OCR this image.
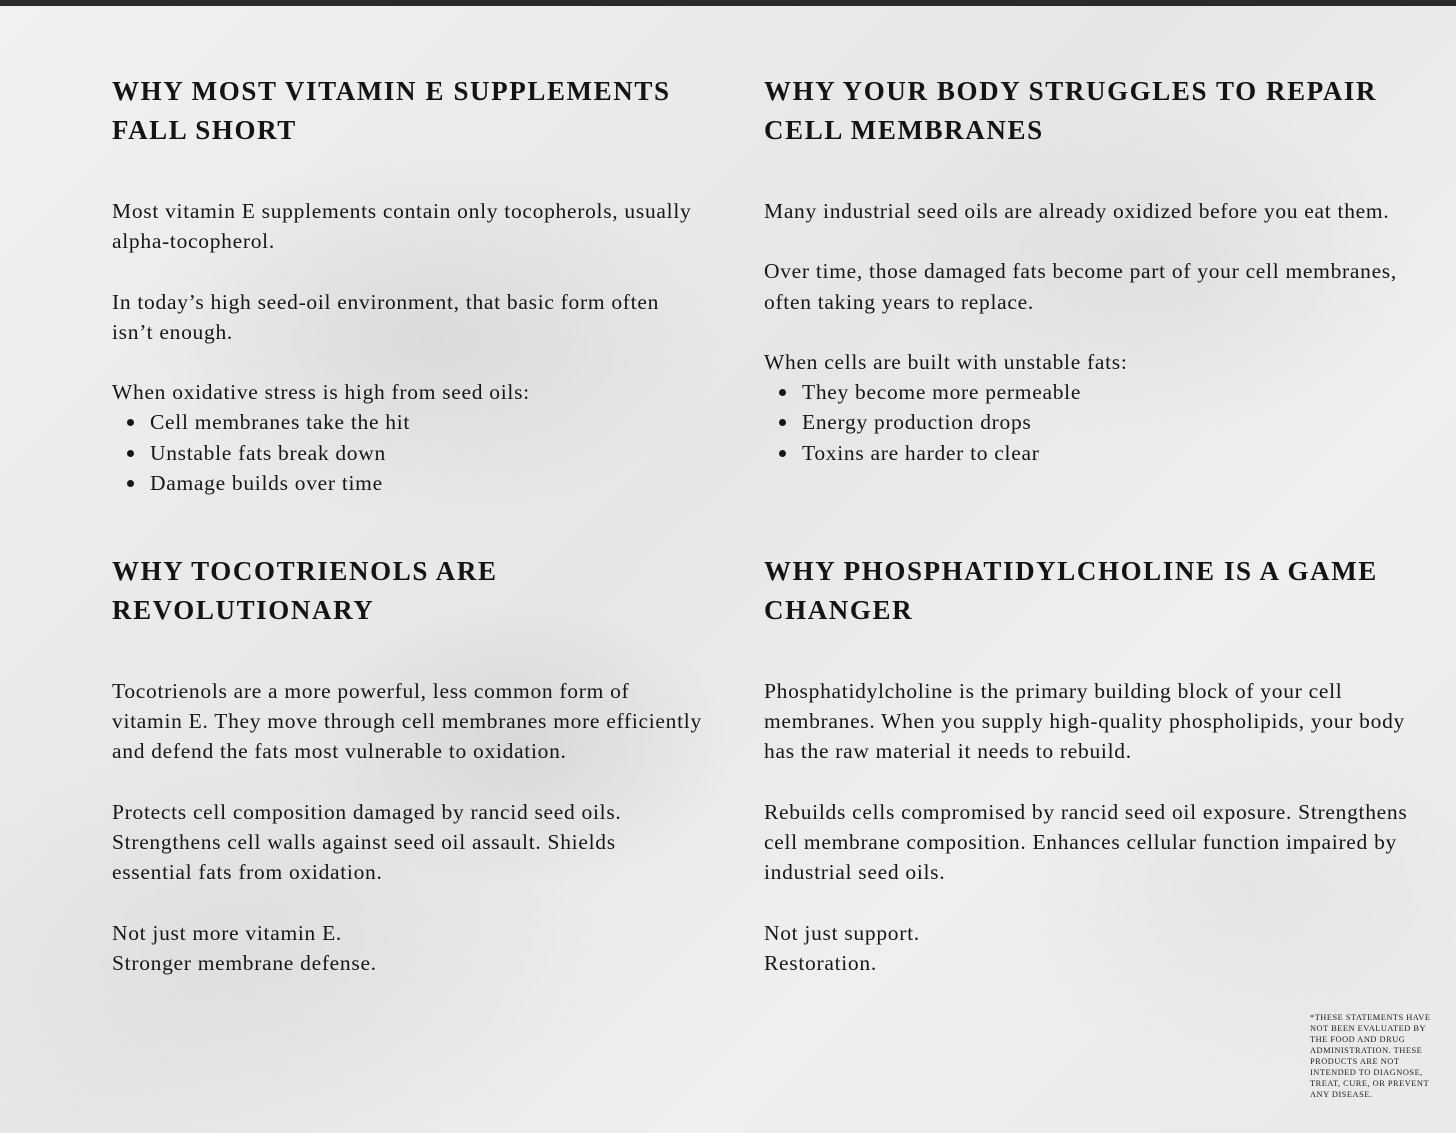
WHY MOST VITAMIN E SUPPLEMENTS FALL SHORT

Most vitamin E supplements contain only tocopherols, usually alpha-tocopherol.

In today’s high seed-oil environment, that basic form often isn’t enough.

When oxidative stress is high from seed oils:

Cell membranes take the hit
Unstable fats break down
Damage builds over time
WHY YOUR BODY STRUGGLES TO REPAIR CELL MEMBRANES

Many industrial seed oils are already oxidized before you eat them.

Over time, those damaged fats become part of your cell membranes, often taking years to replace.

When cells are built with unstable fats:

They become more permeable
Energy production drops
Toxins are harder to clear
WHY TOCOTRIENOLS ARE REVOLUTIONARY

Tocotrienols are a more powerful, less common form of vitamin E. They move through cell membranes more efficiently and defend the fats most vulnerable to oxidation.

Protects cell composition damaged by rancid seed oils. Strengthens cell walls against seed oil assault. Shields essential fats from oxidation.

Not just more vitamin E.

Stronger membrane defense.

WHY PHOSPHATIDYLCHOLINE IS A GAME CHANGER

Phosphatidylcholine is the primary building block of your cell membranes. When you supply high-quality phospholipids, your body has the raw material it needs to rebuild.

Rebuilds cells compromised by rancid seed oil exposure. Strengthens cell membrane composition. Enhances cellular function impaired by industrial seed oils.

Not just support.

Restoration.

*THESE STATEMENTS HAVE NOT BEEN EVALUATED BY THE FOOD AND DRUG ADMINISTRATION. THESE PRODUCTS ARE NOT INTENDED TO DIAGNOSE, TREAT, CURE, OR PREVENT ANY DISEASE.
